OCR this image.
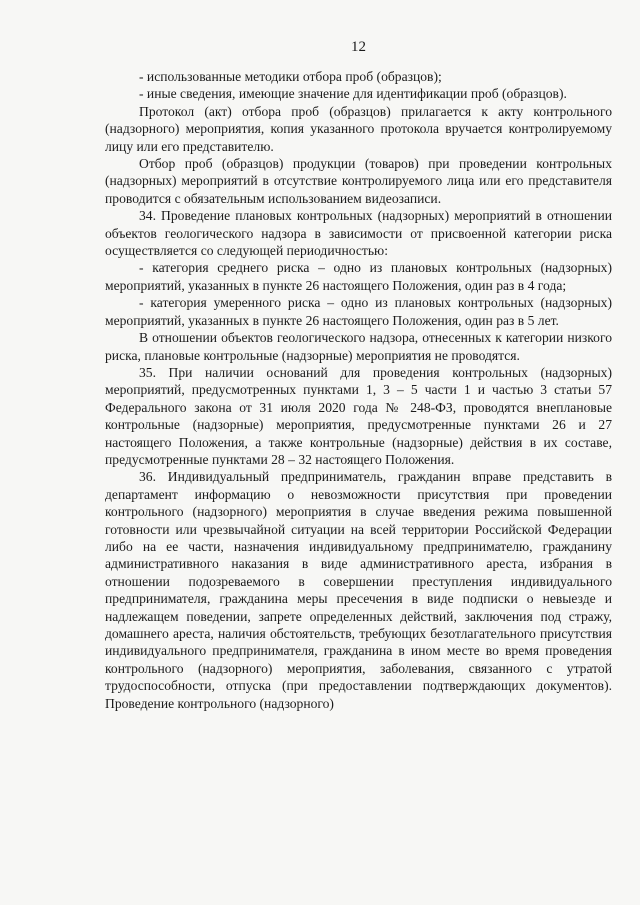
12

- использованные методики отбора проб (образцов);

- иные сведения, имеющие значение для идентификации проб (образцов).

Протокол (акт) отбора проб (образцов) прилагается к акту контрольного (надзорного) мероприятия, копия указанного протокола вручается контролируемому лицу или его представителю.

Отбор проб (образцов) продукции (товаров) при проведении контрольных (надзорных) мероприятий в отсутствие контролируемого лица или его представителя проводится с обязательным использованием видеозаписи.

34. Проведение плановых контрольных (надзорных) мероприятий в отношении объектов геологического надзора в зависимости от присвоенной категории риска осуществляется со следующей периодичностью:

- категория среднего риска – одно из плановых контрольных (надзорных) мероприятий, указанных в пункте 26 настоящего Положения, один раз в 4 года;

- категория умеренного риска – одно из плановых контрольных (надзорных) мероприятий, указанных в пункте 26 настоящего Положения, один раз в 5 лет.

В отношении объектов геологического надзора, отнесенных к категории низкого риска, плановые контрольные (надзорные) мероприятия не проводятся.

35. При наличии оснований для проведения контрольных (надзорных) мероприятий, предусмотренных пунктами 1, 3 – 5 части 1 и частью 3 статьи 57 Федерального закона от 31 июля 2020 года № 248-ФЗ, проводятся внеплановые контрольные (надзорные) мероприятия, предусмотренные пунктами 26 и 27 настоящего Положения, а также контрольные (надзорные) действия в их составе, предусмотренные пунктами 28 – 32 настоящего Положения.

36. Индивидуальный предприниматель, гражданин вправе представить в департамент информацию о невозможности присутствия при проведении контрольного (надзорного) мероприятия в случае введения режима повышенной готовности или чрезвычайной ситуации на всей территории Российской Федерации либо на ее части, назначения индивидуальному предпринимателю, гражданину административного наказания в виде административного ареста, избрания в отношении подозреваемого в совершении преступления индивидуального предпринимателя, гражданина меры пресечения в виде подписки о невыезде и надлежащем поведении, запрете определенных действий, заключения под стражу, домашнего ареста, наличия обстоятельств, требующих безотлагательного присутствия индивидуального предпринимателя, гражданина в ином месте во время проведения контрольного (надзорного) мероприятия, заболевания, связанного с утратой трудоспособности, отпуска (при предоставлении подтверждающих документов). Проведение контрольного (надзорного)
